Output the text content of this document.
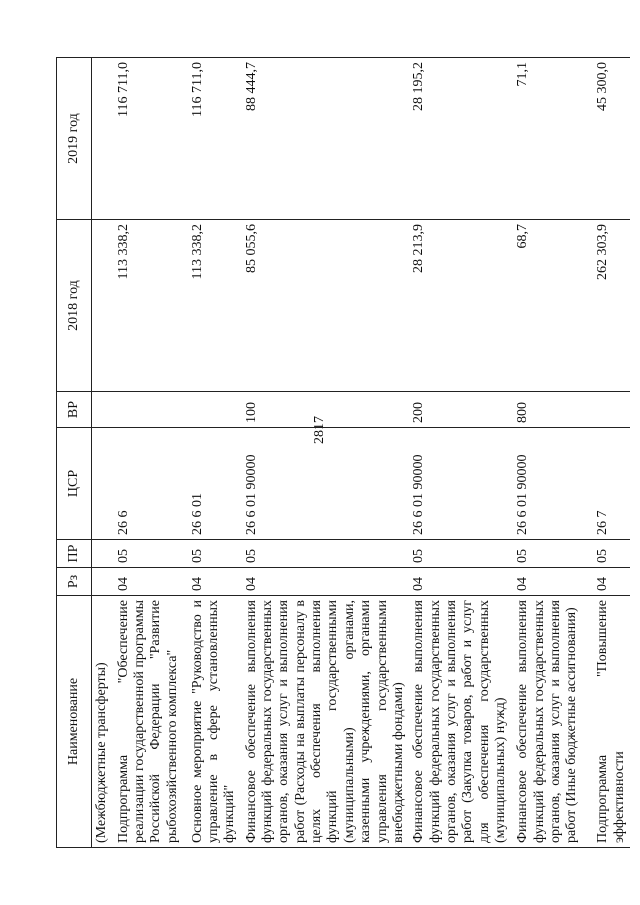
2817
Наименование	Рз	ПР	ЦСР	ВР	2018 год	2019 год
(Межбюджетные трансферты)						
Подпрограмма "Обеспечение реализации государственной программы Российской Федерации "Развитие рыбохозяйственного комплекса"	04	05	26 6		113 338,2	116 711,0
Основное мероприятие "Руководство и управление в сфере установленных функций"	04	05	26 6 01		113 338,2	116 711,0
Финансовое обеспечение выполнения функций федеральных государственных органов, оказания услуг и выполнения работ (Расходы на выплаты персоналу в целях обеспечения выполнения функций государственными (муниципальными) органами, казенными учреждениями, органами управления государственными внебюджетными фондами)	04	05	26 6 01 90000	100	85 055,6	88 444,7
Финансовое обеспечение выполнения функций федеральных государственных органов, оказания услуг и выполнения работ (Закупка товаров, работ и услуг для обеспечения государственных (муниципальных) нужд)	04	05	26 6 01 90000	200	28 213,9	28 195,2
Финансовое обеспечение выполнения функций федеральных государственных органов, оказания услуг и выполнения работ (Иные бюджетные ассигнования)	04	05	26 6 01 90000	800	68,7	71,1
Подпрограмма "Повышение эффективности	04	05	26 7		262 303,9	45 300,0
